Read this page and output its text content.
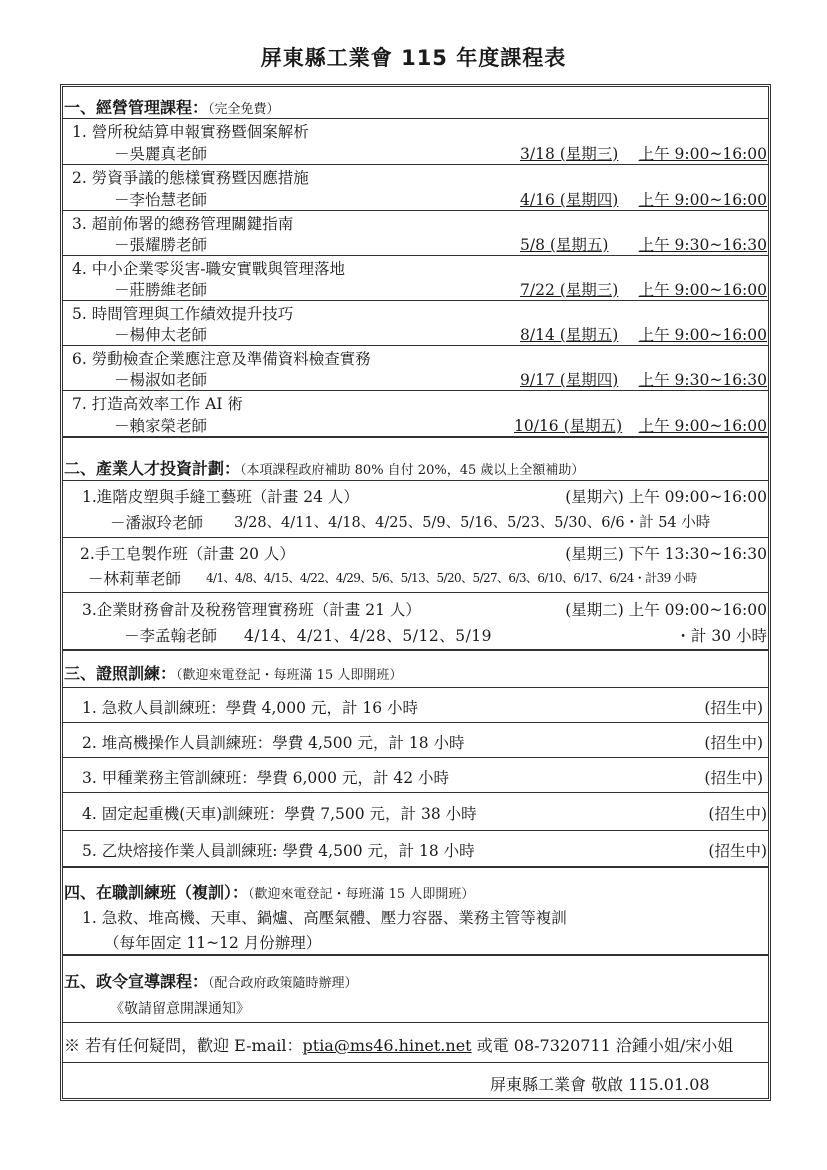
屏東縣工業會 115 年度課程表
一、經營管理課程：（完全免費）
1. 營所稅結算申報實務暨個案解析
－吳麗真老師	3/18 (星期三) 上午 9:00~16:00
2. 勞資爭議的態樣實務暨因應措施
－李怡慧老師	4/16 (星期四) 上午 9:00~16:00
3. 超前佈署的總務管理關鍵指南
－張耀勝老師	5/8 (星期五) 上午 9:30~16:30
4. 中小企業零災害-職安實戰與管理落地
－莊勝維老師	7/22 (星期三) 上午 9:00~16:00
5. 時間管理與工作績效提升技巧
－楊伸太老師	8/14 (星期五) 上午 9:00~16:00
6. 勞動檢查企業應注意及準備資料檢查實務
－楊淑如老師	9/17 (星期四) 上午 9:30~16:30
7. 打造高效率工作 AI 術
－賴家榮老師	10/16 (星期五) 上午 9:00~16:00
二、產業人才投資計劃：（本項課程政府補助 80% 自付 20%，45 歲以上全額補助）
1.進階皮塑與手縫工藝班（計畫 24 人）	(星期六) 上午 09:00~16:00
－潘淑玲老師 3/28、4/11、4/18、4/25、5/9、5/16、5/23、5/30、6/6・計 54 小時
2.手工皂製作班（計畫 20 人）	(星期三) 下午 13:30~16:30
－林莉華老師 4/1、4/8、4/15、4/22、4/29、5/6、5/13、5/20、5/27、6/3、6/10、6/17、6/24・計39 小時
3.企業財務會計及稅務管理實務班（計畫 21 人）	(星期二) 上午 09:00~16:00
－李孟翰老師 4/14、4/21、4/28、5/12、5/19	・計 30 小時
三、證照訓練：（歡迎來電登記・每班滿 15 人即開班）
1. 急救人員訓練班：學費 4,000 元，計 16 小時	(招生中)
2. 堆高機操作人員訓練班：學費 4,500 元，計 18 小時	(招生中)
3. 甲種業務主管訓練班：學費 6,000 元，計 42 小時	(招生中)
4. 固定起重機(天車)訓練班：學費 7,500 元，計 38 小時	(招生中)
5. 乙炔熔接作業人員訓練班: 學費 4,500 元，計 18 小時	(招生中)
四、在職訓練班（複訓）：（歡迎來電登記・每班滿 15 人即開班）
1. 急救、堆高機、天車、鍋爐、高壓氣體、壓力容器、業務主管等複訓
（每年固定 11~12 月份辦理）
五、政令宣導課程：（配合政府政策隨時辦理）
《敬請留意開課通知》
※ 若有任何疑問，歡迎 E-mail：ptia@ms46.hinet.net 或電 08-7320711 洽鍾小姐/宋小姐
屏東縣工業會 敬啟 115.01.08
